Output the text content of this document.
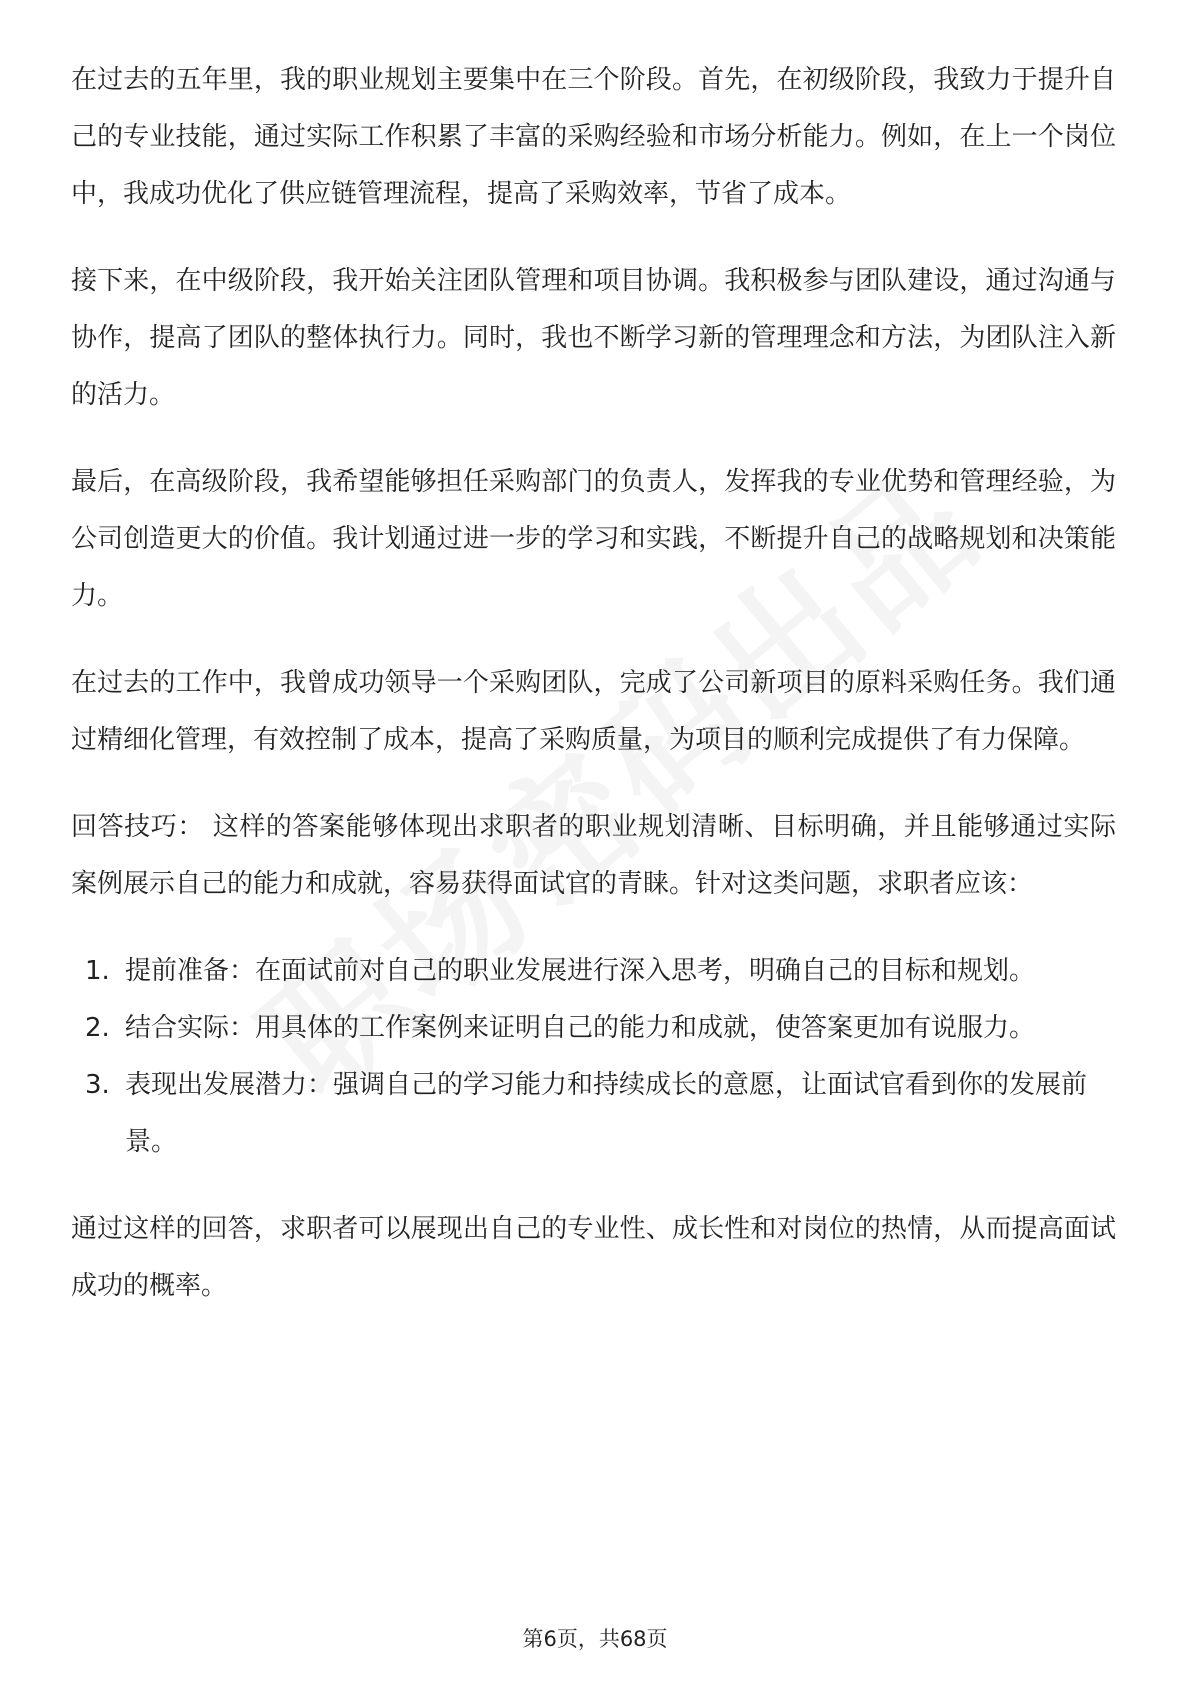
在过去的五年里，我的职业规划主要集中在三个阶段。首先，在初级阶段，我致力于提升自己的专业技能，通过实际工作积累了丰富的采购经验和市场分析能力。例如，在上一个岗位中，我成功优化了供应链管理流程，提高了采购效率，节省了成本。

接下来，在中级阶段，我开始关注团队管理和项目协调。我积极参与团队建设，通过沟通与协作，提高了团队的整体执行力。同时，我也不断学习新的管理理念和方法，为团队注入新的活力。

最后，在高级阶段，我希望能够担任采购部门的负责人，发挥我的专业优势和管理经验，为公司创造更大的价值。我计划通过进一步的学习和实践，不断提升自己的战略规划和决策能力。

在过去的工作中，我曾成功领导一个采购团队，完成了公司新项目的原料采购任务。我们通过精细化管理，有效控制了成本，提高了采购质量，为项目的顺利完成提供了有力保障。

回答技巧： 这样的答案能够体现出求职者的职业规划清晰、目标明确，并且能够通过实际案例展示自己的能力和成就，容易获得面试官的青睐。针对这类问题，求职者应该：

1. 提前准备：在面试前对自己的职业发展进行深入思考，明确自己的目标和规划。
2. 结合实际：用具体的工作案例来证明自己的能力和成就，使答案更加有说服力。
3. 表现出发展潜力：强调自己的学习能力和持续成长的意愿，让面试官看到你的发展前景。

通过这样的回答，求职者可以展现出自己的专业性、成长性和对岗位的热情，从而提高面试成功的概率。

第6页，共68页
